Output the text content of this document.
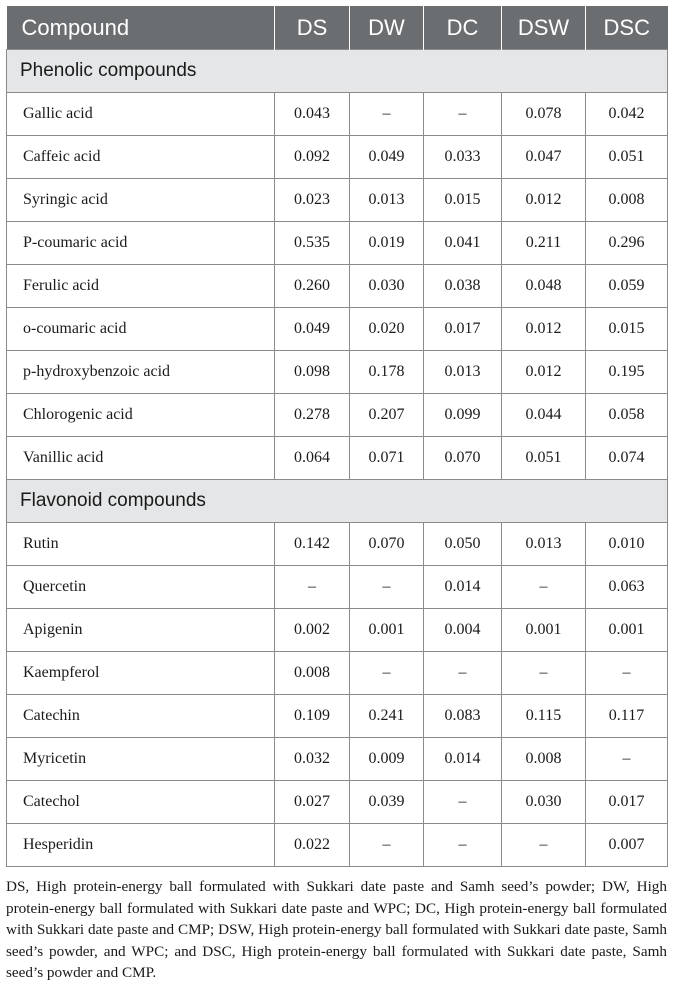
Compound	DS	DW	DC	DSW	DSC
Phenolic compounds					
Gallic acid	0.043	–	–	0.078	0.042
Caffeic acid	0.092	0.049	0.033	0.047	0.051
Syringic acid	0.023	0.013	0.015	0.012	0.008
P-coumaric acid	0.535	0.019	0.041	0.211	0.296
Ferulic acid	0.260	0.030	0.038	0.048	0.059
o-coumaric acid	0.049	0.020	0.017	0.012	0.015
p-hydroxybenzoic acid	0.098	0.178	0.013	0.012	0.195
Chlorogenic acid	0.278	0.207	0.099	0.044	0.058
Vanillic acid	0.064	0.071	0.070	0.051	0.074
Flavonoid compounds					
Rutin	0.142	0.070	0.050	0.013	0.010
Quercetin	–	–	0.014	–	0.063
Apigenin	0.002	0.001	0.004	0.001	0.001
Kaempferol	0.008	–	–	–	–
Catechin	0.109	0.241	0.083	0.115	0.117
Myricetin	0.032	0.009	0.014	0.008	–
Catechol	0.027	0.039	–	0.030	0.017
Hesperidin	0.022	–	–	–	0.007

DS, High protein-energy ball formulated with Sukkari date paste and Samh seed’s powder; DW, High protein-energy ball formulated with Sukkari date paste and WPC; DC, High protein-energy ball formulated with Sukkari date paste and CMP; DSW, High protein-energy ball formulated with Sukkari date paste, Samh seed’s powder, and WPC; and DSC, High protein-energy ball formulated with Sukkari date paste, Samh seed’s powder and CMP.
